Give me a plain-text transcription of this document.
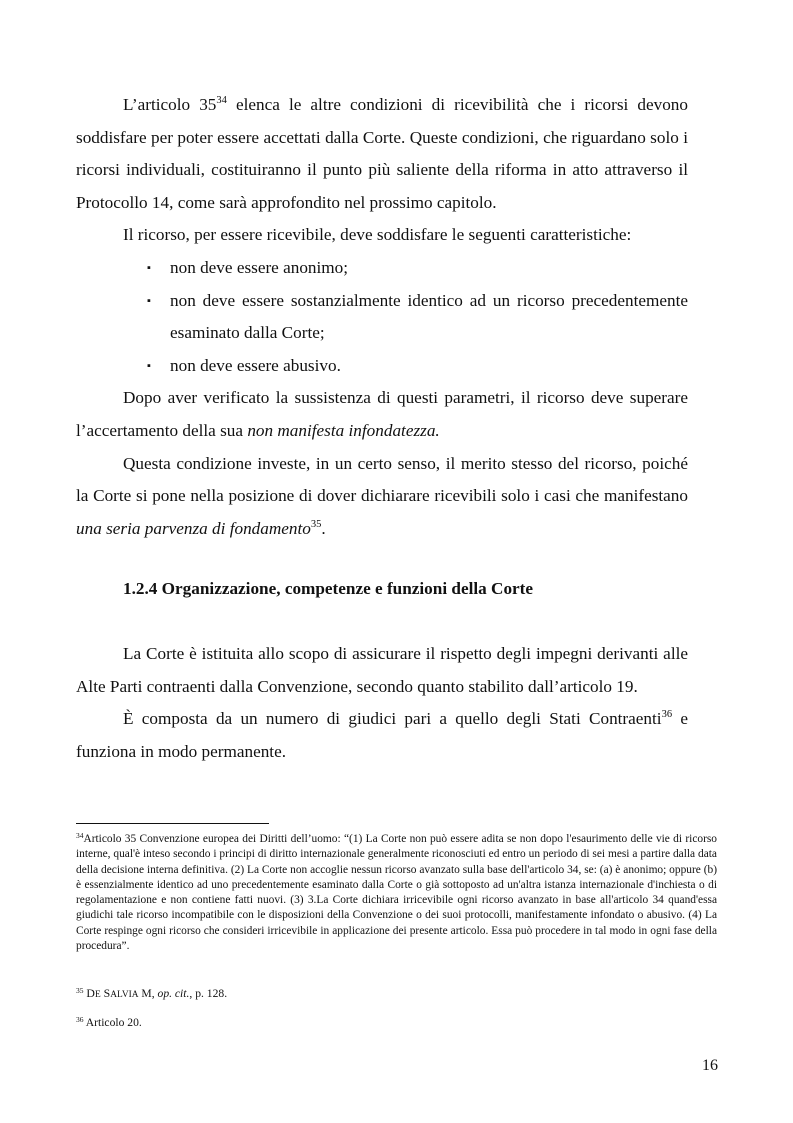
L’articolo $35^{34}$ elenca le altre condizioni di ricevibilità che i ricorsi devono soddisfare per poter essere accettati dalla Corte. Queste condizioni, che riguardano solo i ricorsi individuali, costituiranno il punto più saliente della riforma in atto attraverso il Protocollo 14, come sarà approfondito nel prossimo capitolo.

Il ricorso, per essere ricevibile, deve soddisfare le seguenti caratteristiche:

▪ non deve essere anonimo;
▪ non deve essere sostanzialmente identico ad un ricorso precedentemente esaminato dalla Corte;
▪ non deve essere abusivo.

Dopo aver verificato la sussistenza di questi parametri, il ricorso deve superare l’accertamento della sua non manifesta infondatezza.

Questa condizione investe, in un certo senso, il merito stesso del ricorso, poiché la Corte si pone nella posizione di dover dichiarare ricevibili solo i casi che manifestano una seria parvenza di fondamento$^{35}$.

1.2.4 Organizzazione, competenze e funzioni della Corte

La Corte è istituita allo scopo di assicurare il rispetto degli impegni derivanti alle Alte Parti contraenti dalla Convenzione, secondo quanto stabilito dall’articolo 19.

È composta da un numero di giudici pari a quello degli Stati Contraenti$^{36}$ e funziona in modo permanente.

$^{34}$Articolo 35 Convenzione europea dei Diritti dell’uomo: “(1) La Corte non può essere adita se non dopo l'esaurimento delle vie di ricorso interne, qual'è inteso secondo i principi di diritto internazionale generalmente riconosciuti ed entro un periodo di sei mesi a partire dalla data della decisione interna definitiva. (2) La Corte non accoglie nessun ricorso avanzato sulla base dell'articolo 34, se: (a) è anonimo; oppure (b) è essenzialmente identico ad uno precedentemente esaminato dalla Corte o già sottoposto ad un'altra istanza internazionale d'inchiesta o di regolamentazione e non contiene fatti nuovi. (3) 3.La Corte dichiara irricevibile ogni ricorso avanzato in base all'articolo 34 quand'essa giudichi tale ricorso incompatibile con le disposizioni della Convenzione o dei suoi protocolli, manifestamente infondato o abusivo. (4) La Corte respinge ogni ricorso che consideri irricevibile in applicazione dei presente articolo. Essa può procedere in tal modo in ogni fase della procedura”.

$^{35}$ DE SALVIA M, op. cit., p. 128.

$^{36}$ Articolo 20.

16
